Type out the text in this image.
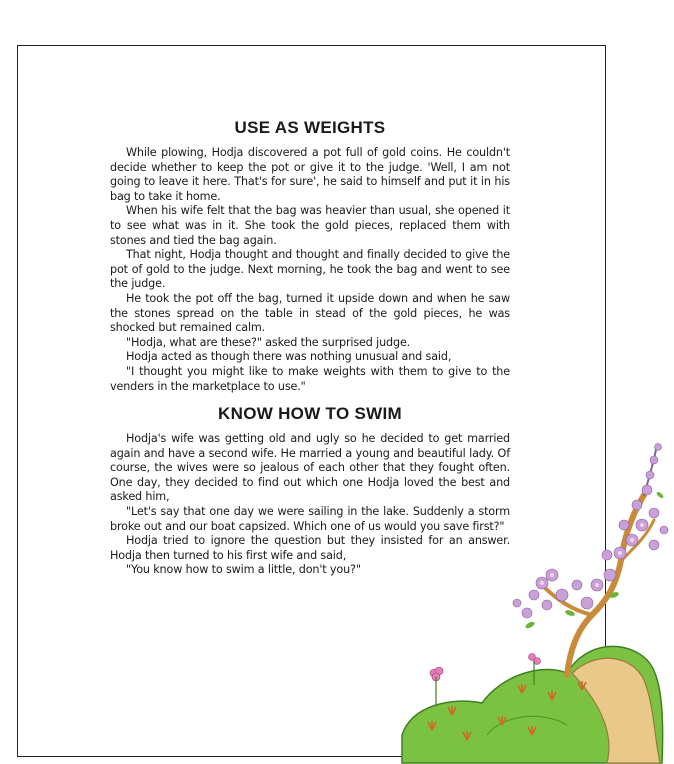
USE AS WEIGHTS

While plowing, Hodja discovered a pot full of gold coins. He couldn't decide whether to keep the pot or give it to the judge. 'Well, I am not going to leave it here. That's for sure', he said to himself and put it in his bag to take it home.

When his wife felt that the bag was heavier than usual, she opened it to see what was in it. She took the gold pieces, replaced them with stones and tied the bag again.

That night, Hodja thought and thought and finally decided to give the pot of gold to the judge. Next morning, he took the bag and went to see the judge.

He took the pot off the bag, turned it upside down and when he saw the stones spread on the table in stead of the gold pieces, he was shocked but remained calm.

"Hodja, what are these?" asked the surprised judge.

Hodja acted as though there was nothing unusual and said,

"I thought you might like to make weights with them to give to the venders in the marketplace to use."

KNOW HOW TO SWIM

Hodja's wife was getting old and ugly so he decided to get married again and have a second wife. He married a young and beautiful lady. Of course, the wives were so jealous of each other that they fought often. One day, they decided to find out which one Hodja loved the best and asked him,

"Let's say that one day we were sailing in the lake. Suddenly a storm broke out and our boat capsized. Which one of us would you save first?"

Hodja tried to ignore the question but they insisted for an answer. Hodja then turned to his first wife and said,

"You know how to swim a little, don't you?"
